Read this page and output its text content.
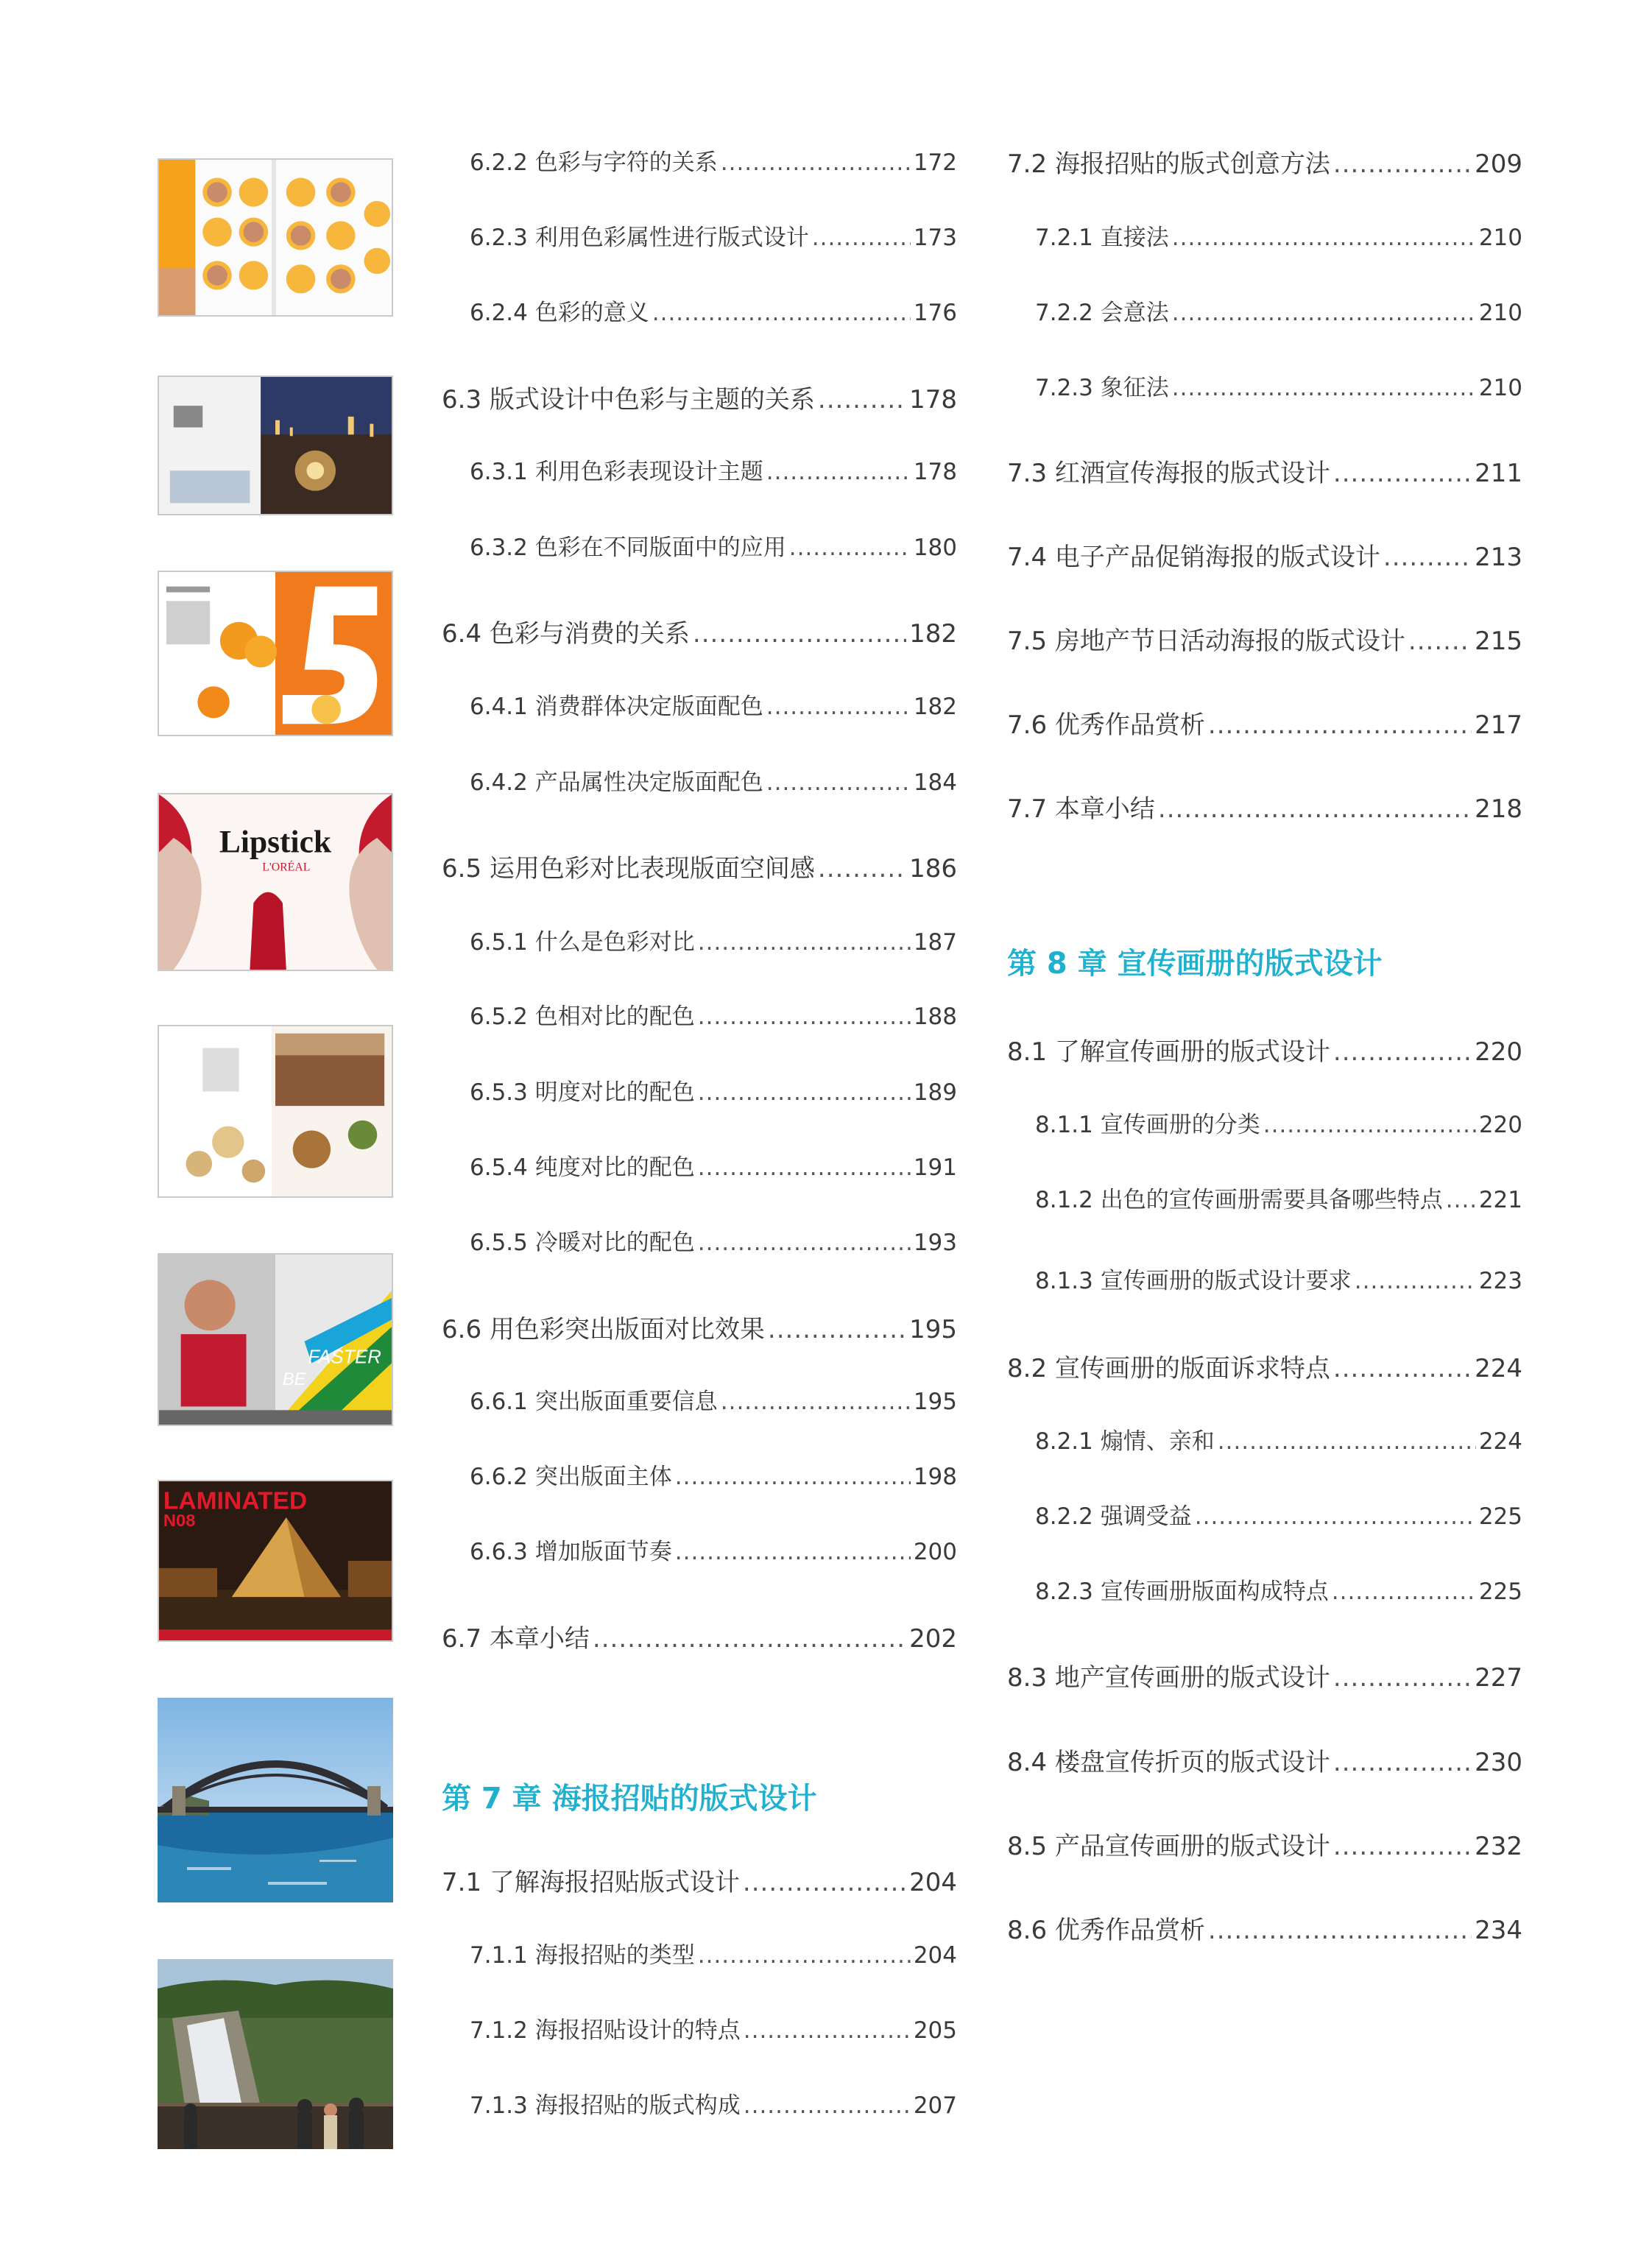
Lipstick
L'ORÉAL
FASTER
BE
LAMINATED
N08
6.2.2 色彩与字符的关系 .....	172
6.2.3 利用色彩属性进行版式设计 .....	173
6.2.4 色彩的意义 .....	176
6.3 版式设计中色彩与主题的关系 .....	178
6.3.1 利用色彩表现设计主题 .....	178
6.3.2 色彩在不同版面中的应用 .....	180
6.4 色彩与消费的关系 .....	182
6.4.1 消费群体决定版面配色 .....	182
6.4.2 产品属性决定版面配色 .....	184
6.5 运用色彩对比表现版面空间感 .....	186
6.5.1 什么是色彩对比 .....	187
6.5.2 色相对比的配色 .....	188
6.5.3 明度对比的配色 .....	189
6.5.4 纯度对比的配色 .....	191
6.5.5 冷暖对比的配色 .....	193
6.6 用色彩突出版面对比效果 .....	195
6.6.1 突出版面重要信息 .....	195
6.6.2 突出版面主体 .....	198
6.6.3 增加版面节奏 .....	200
6.7 本章小结 .....	202
第 7 章 海报招贴的版式设计
7.1 了解海报招贴版式设计 .....	204
7.1.1 海报招贴的类型 .....	204
7.1.2 海报招贴设计的特点 .....	205
7.1.3 海报招贴的版式构成 .....	207
7.2 海报招贴的版式创意方法 .....	209
7.2.1 直接法 .....	210
7.2.2 会意法 .....	210
7.2.3 象征法 .....	210
7.3 红酒宣传海报的版式设计 .....	211
7.4 电子产品促销海报的版式设计 .....	213
7.5 房地产节日活动海报的版式设计 .....	215
7.6 优秀作品赏析 .....	217
7.7 本章小结 .....	218
第 8 章 宣传画册的版式设计
8.1 了解宣传画册的版式设计 .....	220
8.1.1 宣传画册的分类 .....	220
8.1.2 出色的宣传画册需要具备哪些特点 ..... 221
8.1.3 宣传画册的版式设计要求 .....	223
8.2 宣传画册的版面诉求特点 .....	224
8.2.1 煽情、亲和 .....	224
8.2.2 强调受益 .....	225
8.2.3 宣传画册版面构成特点 .....	225
8.3 地产宣传画册的版式设计 .....	227
8.4 楼盘宣传折页的版式设计 .....	230
8.5 产品宣传画册的版式设计 .....	232
8.6 优秀作品赏析 .....	234
